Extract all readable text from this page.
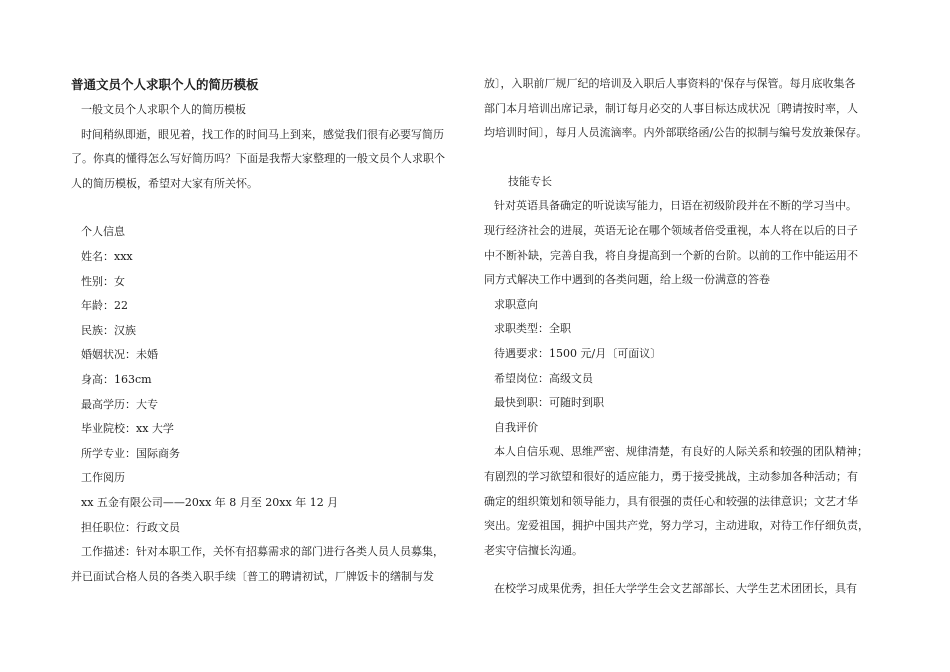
普通文员个人求职个人的简历模板
一般文员个人求职个人的简历模板
时间稍纵即逝，眼见着，找工作的时间马上到来，感觉我们很有必要写简历
了。你真的懂得怎么写好简历吗？下面是我帮大家整理的一般文员个人求职个
人的简历模板，希望对大家有所关怀。
个人信息
姓名：xxx
性别：女
年龄：22
民族：汉族
婚姻状况：未婚
身高：163cm
最高学历：大专
毕业院校：xx 大学
所学专业：国际商务
工作阅历
xx 五金有限公司——20xx 年 8 月至 20xx 年 12 月
担任职位：行政文员
工作描述：针对本职工作，关怀有招募需求的部门进行各类人员人员募集，
并已面试合格人员的各类入职手续〔普工的聘请初试，厂牌饭卡的缮制与发
放〕，入职前厂规厂纪的培训及入职后人事资料的'保存与保管。每月底收集各
部门本月培训出席记录，制订每月必交的人事目标达成状况〔聘请按时率，人
均培训时间〕，每月人员流滴率。内外部联络函/公告的拟制与编号发放兼保存。
技能专长
针对英语具备确定的听说读写能力，日语在初级阶段并在不断的学习当中。
现行经济社会的进展，英语无论在哪个领域者倍受重视，本人将在以后的日子
中不断补缺，完善自我，将自身提高到一个新的台阶。以前的工作中能运用不
同方式解决工作中遇到的各类问题，给上级一份满意的答卷
求职意向
求职类型：全职
待遇要求：1500 元/月〔可面议〕
希望岗位：高级文员
最快到职：可随时到职
自我评价
本人自信乐观、思维严密、规律清楚，有良好的人际关系和较强的团队精神；
有剧烈的学习欲望和很好的适应能力，勇于接受挑战，主动参加各种活动；有
确定的组织策划和领导能力，具有很强的责任心和较强的法律意识；文艺才华
突出。宠爱祖国，拥护中国共产党，努力学习，主动进取，对待工作仔细负责，
老实守信擅长沟通。
在校学习成果优秀，担任大学学生会文艺部部长、大学生艺术团团长，具有
